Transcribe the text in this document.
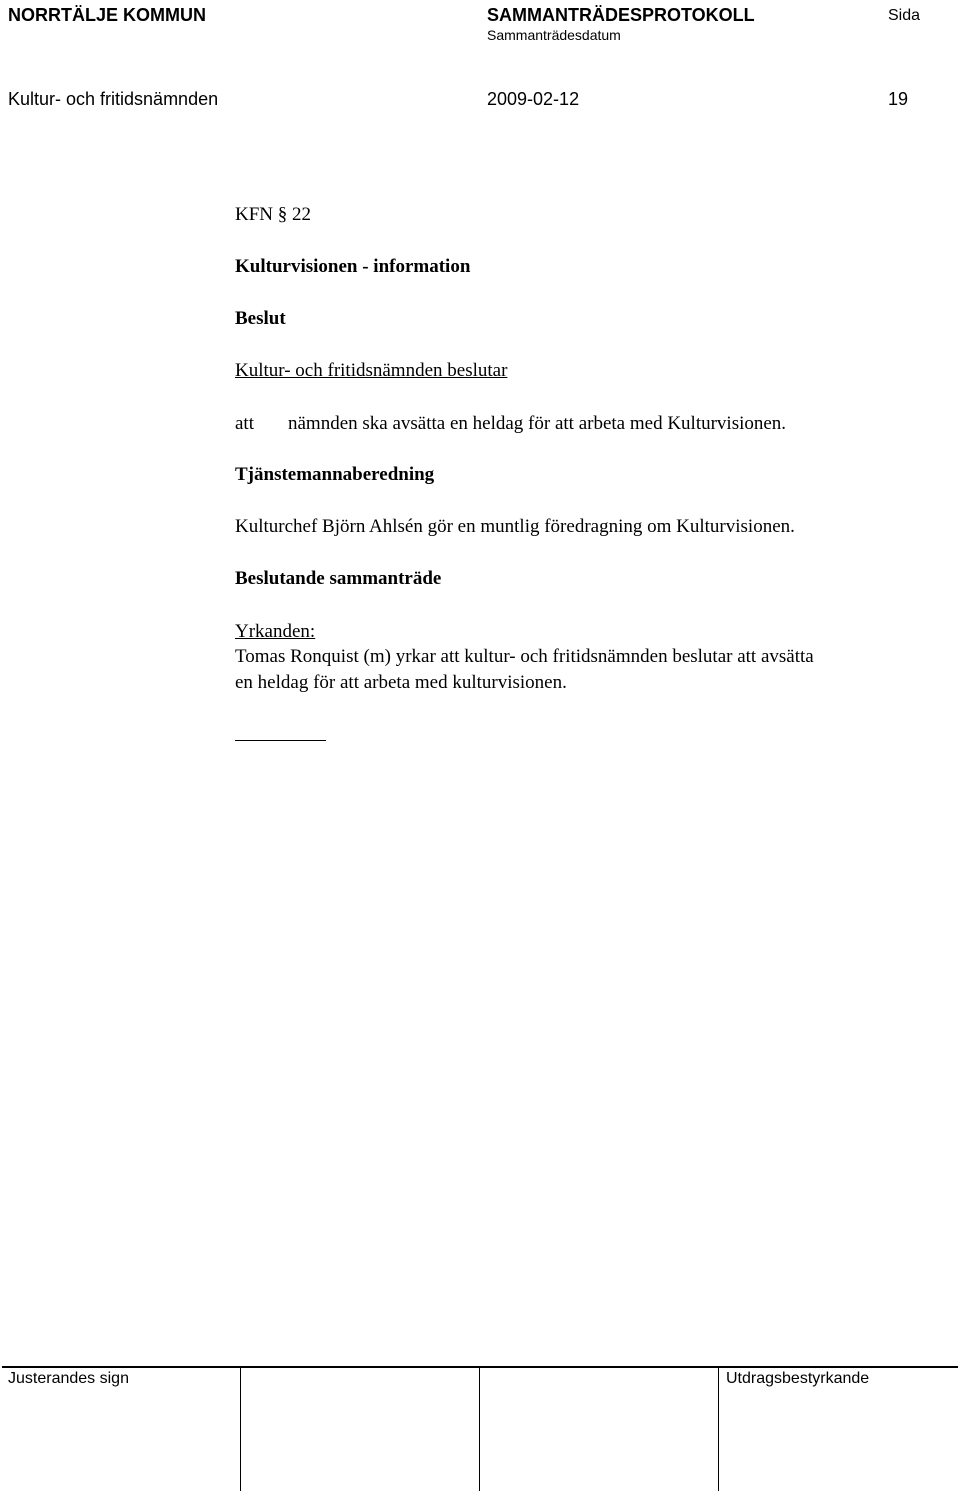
NORRTÄLJE KOMMUN	SAMMANTRÄDESPROTOKOLL
Sammanträdesdatum
Sida
Kultur- och fritidsnämnden	2009-02-12	19
KFN § 22
Kulturvisionen - information
Beslut
Kultur- och fritidsnämnden beslutar
att nämnden ska avsätta en heldag för att arbeta med Kulturvisionen.
Tjänstemannaberedning
Kulturchef Björn Ahlsén gör en muntlig föredragning om Kulturvisionen.
Beslutande sammanträde
Yrkanden:
Tomas Ronquist (m) yrkar att kultur- och fritidsnämnden beslutar att avsätta
en heldag för att arbeta med kulturvisionen.
Justerandes sign	Utdragsbestyrkande
